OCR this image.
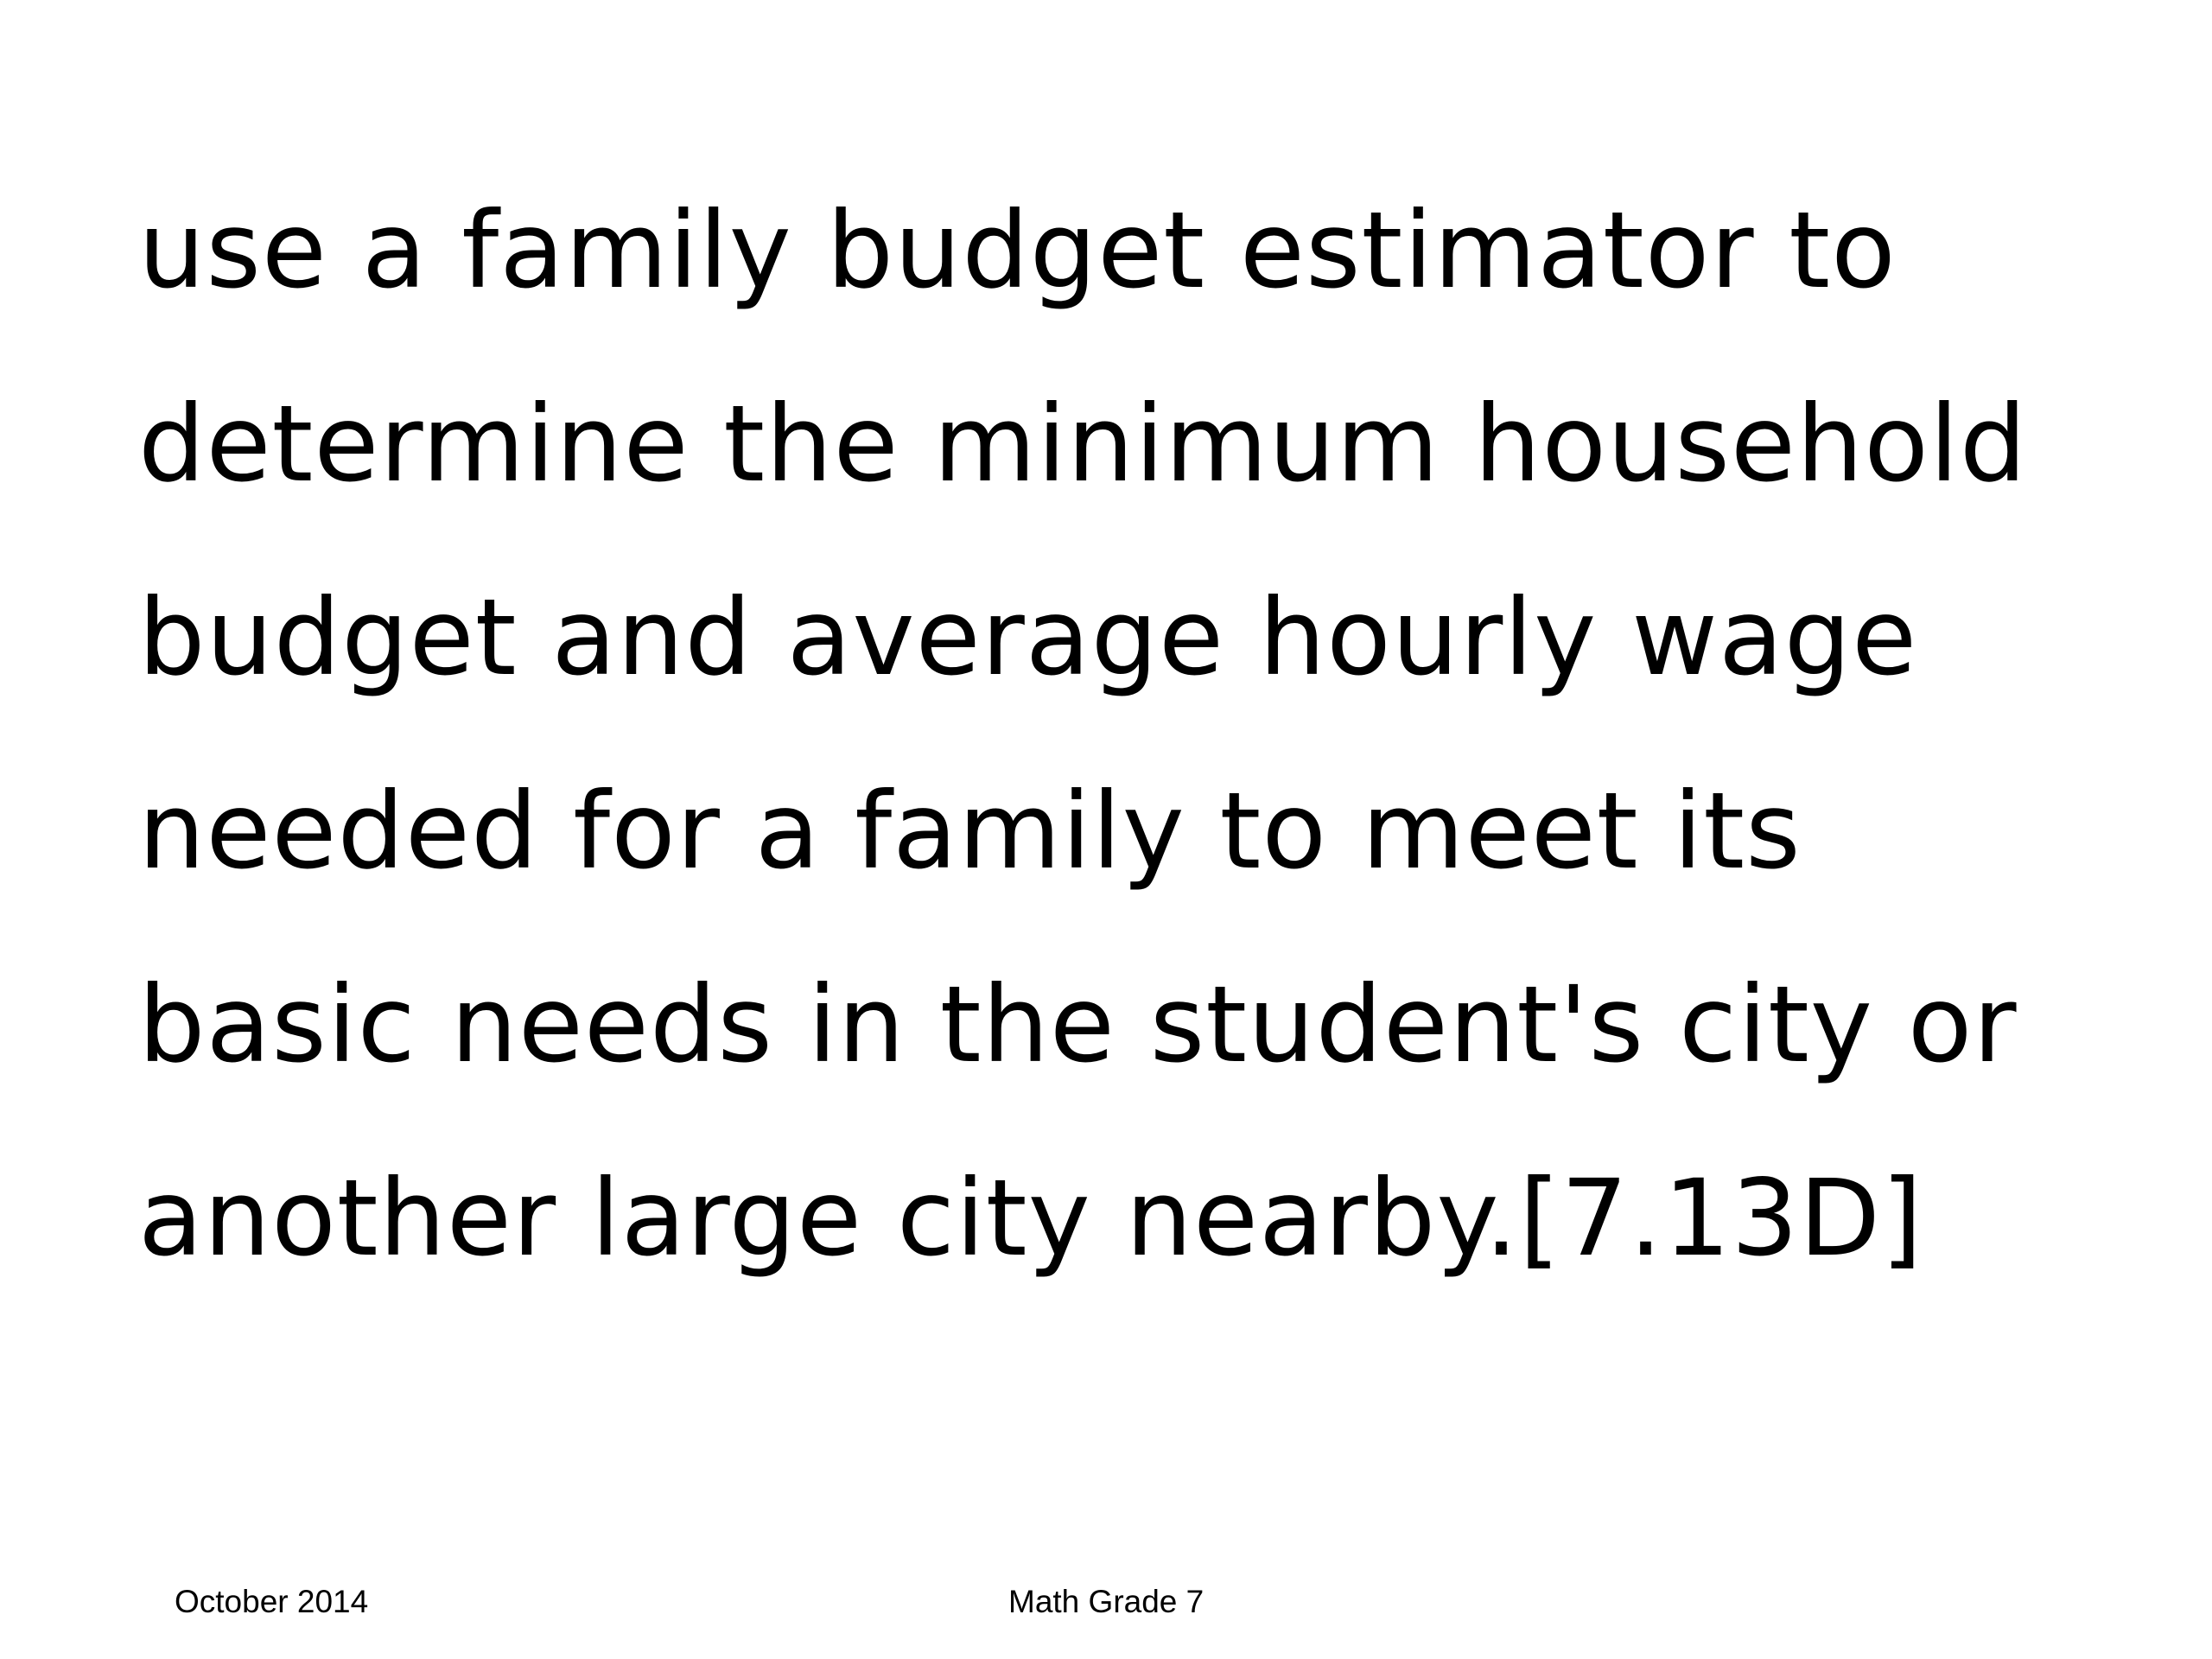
use a family budget estimator to
determine the minimum household
budget and average hourly wage
needed for a family to meet its
basic needs in the student's city or
another large city nearby.[7.13D]
October 2014	Math Grade 7
